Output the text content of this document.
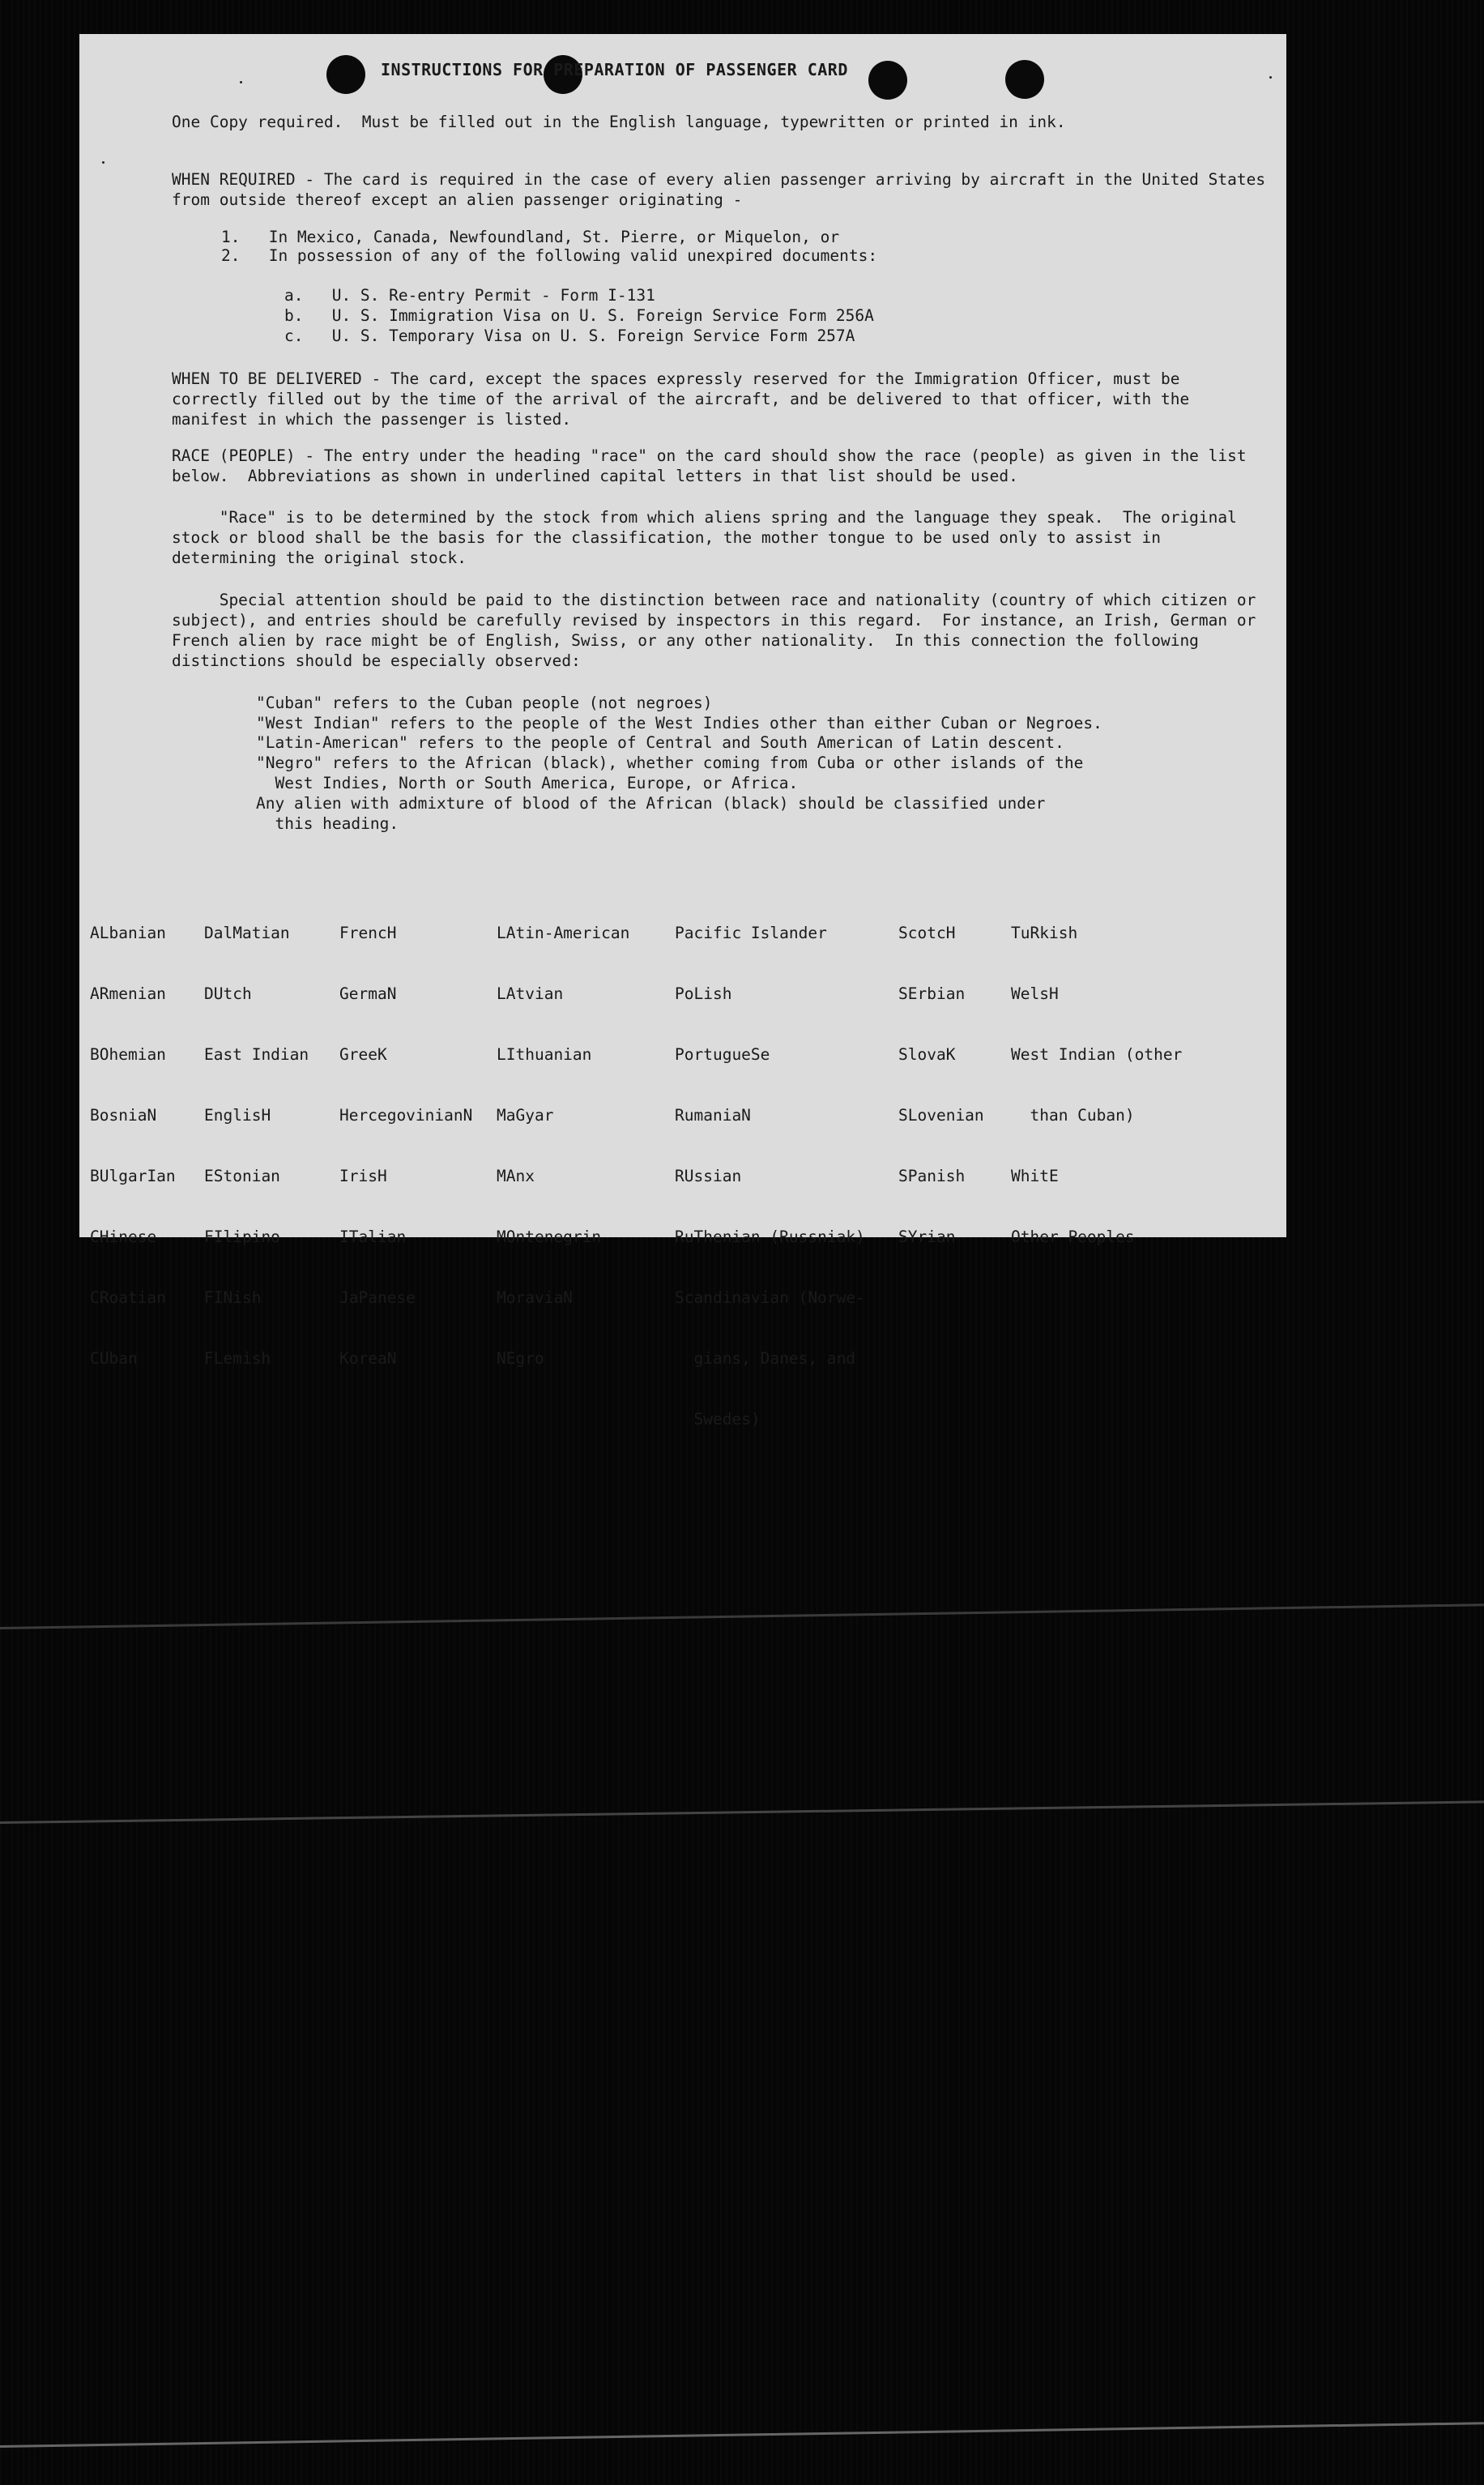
INSTRUCTIONS FOR PREPARATION OF PASSENGER CARD
One Copy required.  Must be filled out in the English language, typewritten or printed in ink.
WHEN REQUIRED - The card is required in the case of every alien passenger arriving by aircraft in the United States from outside thereof except an alien passenger originating -
1.   In Mexico, Canada, Newfoundland, St. Pierre, or Miquelon, or
2.   In possession of any of the following valid unexpired documents:
a.   U. S. Re-entry Permit - Form I-131
b.   U. S. Immigration Visa on U. S. Foreign Service Form 256A
c.   U. S. Temporary Visa on U. S. Foreign Service Form 257A
WHEN TO BE DELIVERED - The card, except the spaces expressly reserved for the Immigration Officer, must be correctly filled out by the time of the arrival of the aircraft, and be delivered to that officer, with the manifest in which the passenger is listed.
RACE (PEOPLE) - The entry under the heading "race" on the card should show the race (people) as given in the list below.  Abbreviations as shown in underlined capital letters in that list should be used.
"Race" is to be determined by the stock from which aliens spring and the language they speak.  The original stock or blood shall be the basis for the classification, the mother tongue to be used only to assist in determining the original stock.
Special attention should be paid to the distinction between race and nationality (country of which citizen or subject), and entries should be carefully revised by inspectors in this regard.  For instance, an Irish, German or French alien by race might be of English, Swiss, or any other nationality.  In this connection the following distinctions should be especially observed:
"Cuban" refers to the Cuban people (not negroes)
"West Indian" refers to the people of the West Indies other than either Cuban or Negroes.
"Latin-American" refers to the people of Central and South American of Latin descent.
"Negro" refers to the African (black), whether coming from Cuba or other islands of the
West Indies, North or South America, Europe, or Africa.
Any alien with admixture of blood of the African (black) should be classified under
this heading.

ALbanian

ARmenian

BOhemian

BosniaN

BUlgarIan

CHinese

CRoatian

CUban

DalMatian

DUtch

East Indian

EnglisH

EStonian

FIlipino

FINish

FLemish

FrencH

GermaN

GreeK

HercegovinianN

IrisH

ITalian

JaPanese

KoreaN

LAtin-American

LAtvian

LIthuanian

MaGyar

MAnx

MOntenegrin

MoraviaN

NEgro

Pacific Islander

PoLish

PortugueSe

RumaniaN

RUssian

RuThenian (Russniak)

Scandinavian (Norwe-

gians, Danes, and

Swedes)

ScotcH

SErbian

SlovaK

SLovenian

SPanish

SYrian

TuRkish

WelsH

West Indian (other

than Cuban)

WhitE

Other Peoples
